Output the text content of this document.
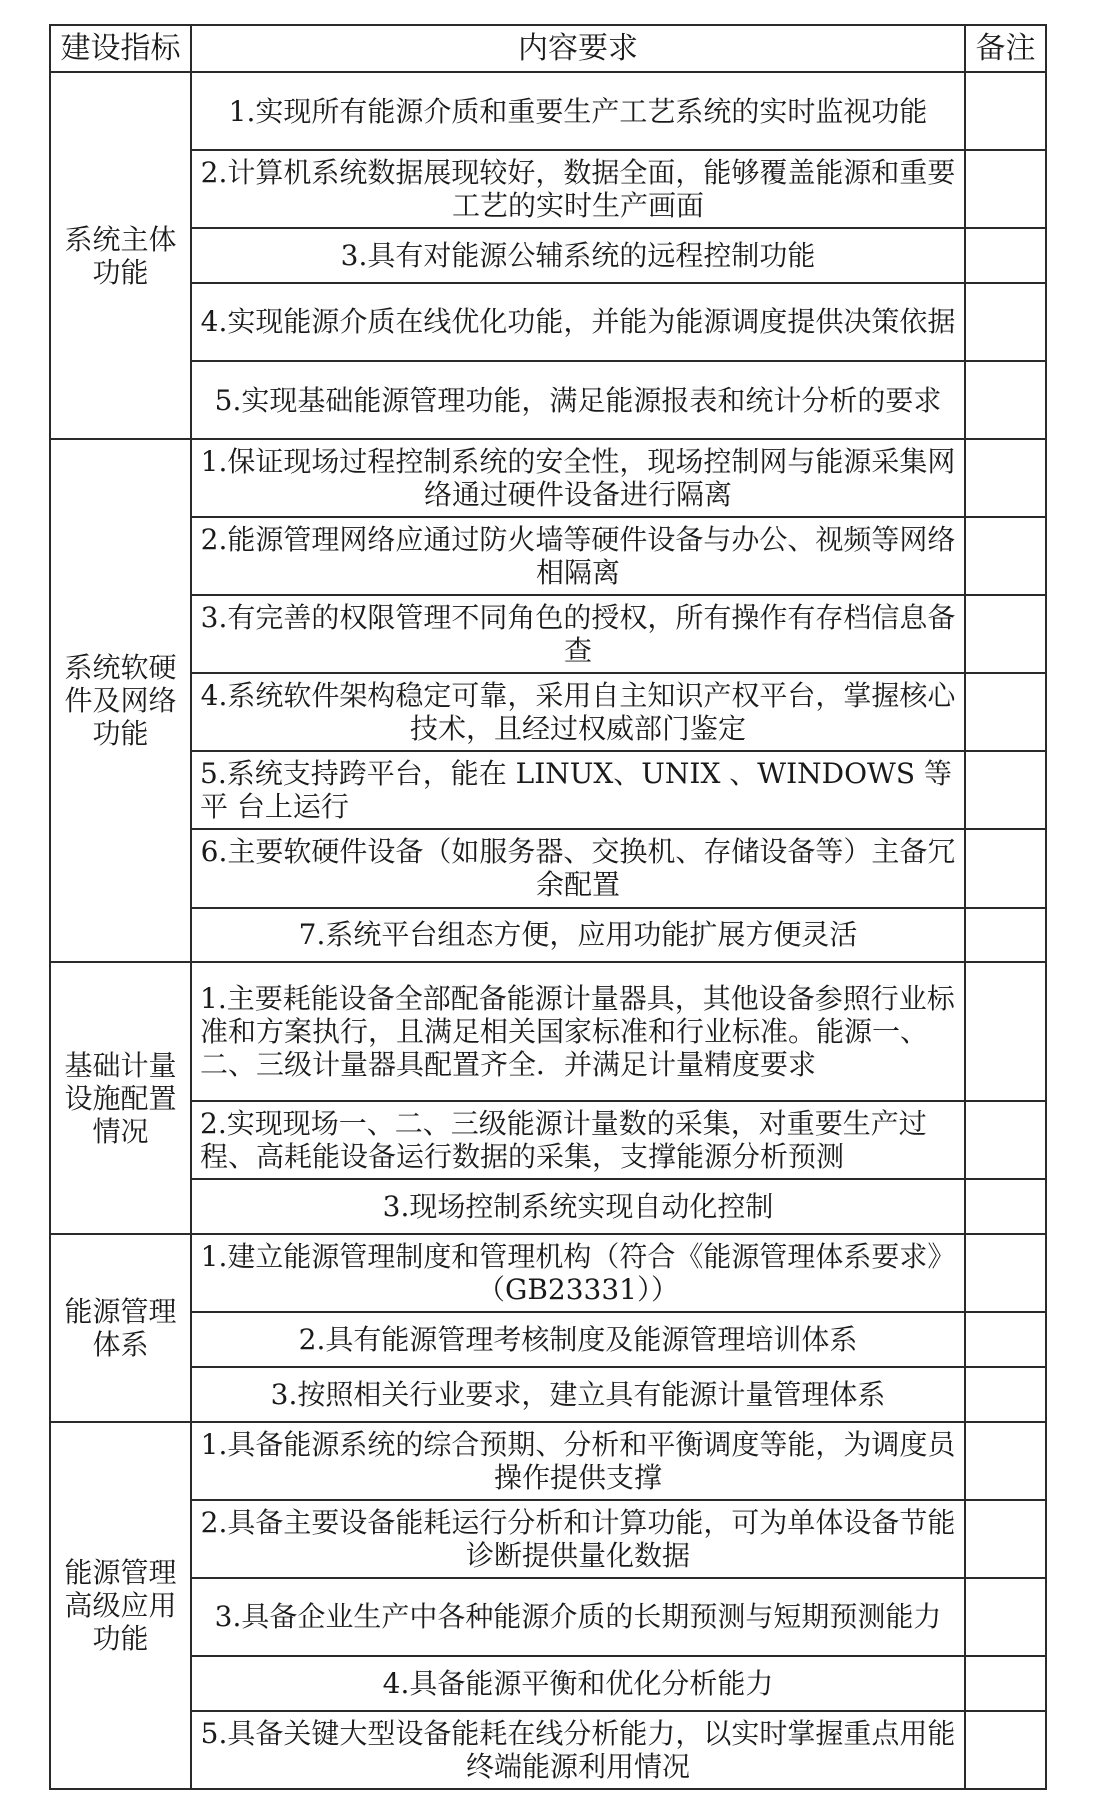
建设指标	内容要求	备注
系统主体功能	1.实现所有能源介质和重要生产工艺系统的实时监视功能	
	2.计算机系统数据展现较好，数据全面，能够覆盖能源和重要工艺的实时生产画面	
	3.具有对能源公辅系统的远程控制功能	
	4.实现能源介质在线优化功能，并能为能源调度提供决策依据	
	5.实现基础能源管理功能，满足能源报表和统计分析的要求	
系统软硬件及网络功能	1.保证现场过程控制系统的安全性，现场控制网与能源采集网络通过硬件设备进行隔离	
	2.能源管理网络应通过防火墙等硬件设备与办公、视频等网络相隔离	
	3.有完善的权限管理不同角色的授权，所有操作有存档信息备查	
	4.系统软件架构稳定可靠，采用自主知识产权平台，掌握核心技术，且经过权威部门鉴定	
	5.系统支持跨平台，能在 LINUX、UNIX 、WINDOWS 等平 台上运行	
	6.主要软硬件设备（如服务器、交换机、存储设备等）主备冗余配置	
	7.系统平台组态方便，应用功能扩展方便灵活	
基础计量设施配置情况	1.主要耗能设备全部配备能源计量器具，其他设备参照行业标准和方案执行，且满足相关国家标准和行业标准。能源一、二、三级计量器具配置齐全．并满足计量精度要求	
	2.实现现场一、二、三级能源计量数的采集，对重要生产过程、高耗能设备运行数据的采集，支撑能源分析预测	
	3.现场控制系统实现自动化控制	
能源管理体系	1.建立能源管理制度和管理机构（符合《能源管理体系要求》（GB23331））	
	2.具有能源管理考核制度及能源管理培训体系	
	3.按照相关行业要求，建立具有能源计量管理体系	
能源管理高级应用功能	1.具备能源系统的综合预期、分析和平衡调度等能，为调度员操作提供支撑	
	2.具备主要设备能耗运行分析和计算功能，可为单体设备节能诊断提供量化数据	
	3.具备企业生产中各种能源介质的长期预测与短期预测能力	
	4.具备能源平衡和优化分析能力	
	5.具备关键大型设备能耗在线分析能力，以实时掌握重点用能终端能源利用情况	
